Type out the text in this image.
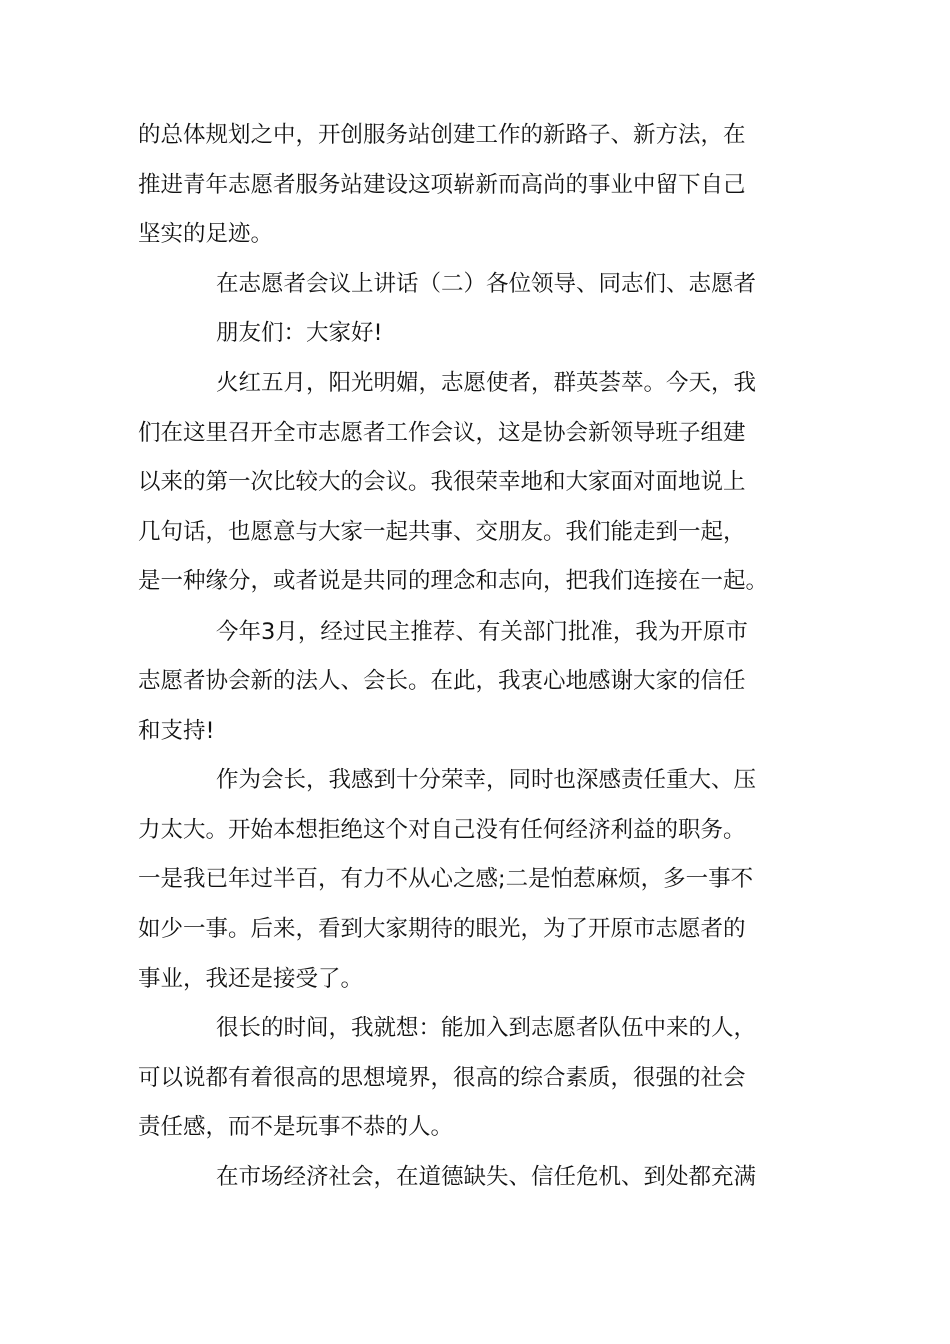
的总体规划之中，开创服务站创建工作的新路子、新方法，在
推进青年志愿者服务站建设这项崭新而高尚的事业中留下自己
坚实的足迹。
在志愿者会议上讲话（二）各位领导、同志们、志愿者
朋友们：大家好!
火红五月，阳光明媚，志愿使者，群英荟萃。今天，我
们在这里召开全市志愿者工作会议，这是协会新领导班子组建
以来的第一次比较大的会议。我很荣幸地和大家面对面地说上
几句话，也愿意与大家一起共事、交朋友。我们能走到一起，
是一种缘分，或者说是共同的理念和志向，把我们连接在一起。
今年3月，经过民主推荐、有关部门批准，我为开原市
志愿者协会新的法人、会长。在此，我衷心地感谢大家的信任
和支持!
作为会长，我感到十分荣幸，同时也深感责任重大、压
力太大。开始本想拒绝这个对自己没有任何经济利益的职务。
一是我已年过半百，有力不从心之感;二是怕惹麻烦，多一事不
如少一事。后来，看到大家期待的眼光，为了开原市志愿者的
事业，我还是接受了。
很长的时间，我就想：能加入到志愿者队伍中来的人，
可以说都有着很高的思想境界，很高的综合素质，很强的社会
责任感，而不是玩事不恭的人。
在市场经济社会，在道德缺失、信任危机、到处都充满
